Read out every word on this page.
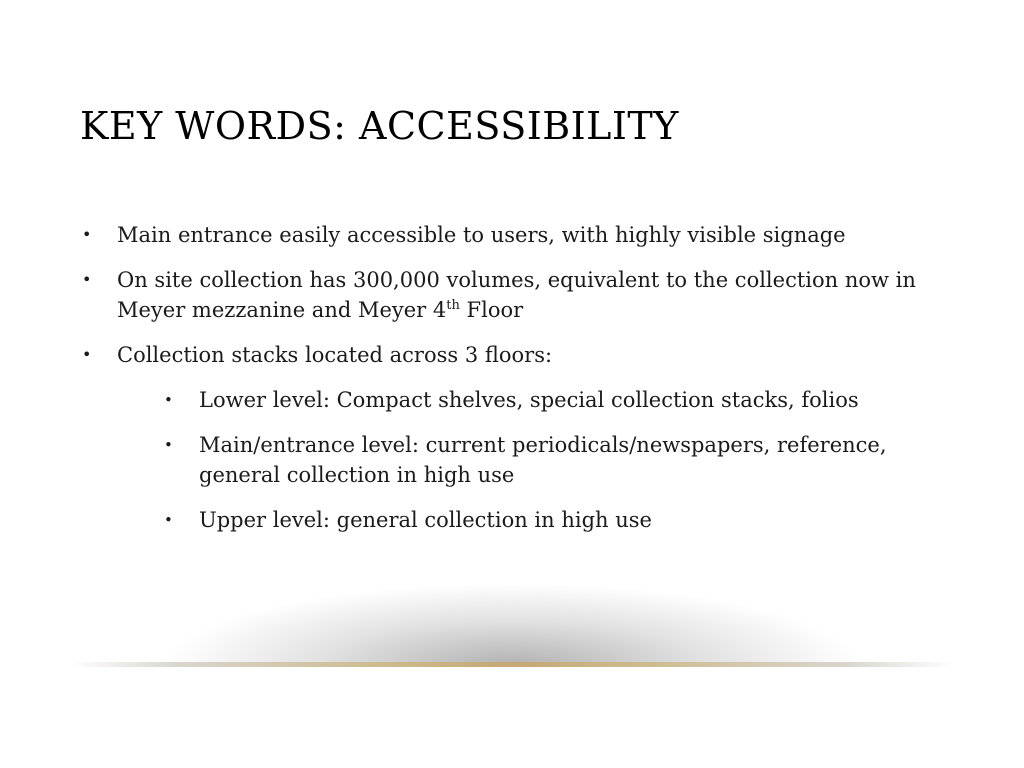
KEY WORDS: ACCESSIBILITY
• Main entrance easily accessible to users, with highly visible signage
• On site collection has 300,000 volumes, equivalent to the collection now in Meyer mezzanine and Meyer 4th Floor
• Collection stacks located across 3 floors:
• Lower level: Compact shelves, special collection stacks, folios
• Main/entrance level: current periodicals/newspapers, reference, general collection in high use
• Upper level: general collection in high use
